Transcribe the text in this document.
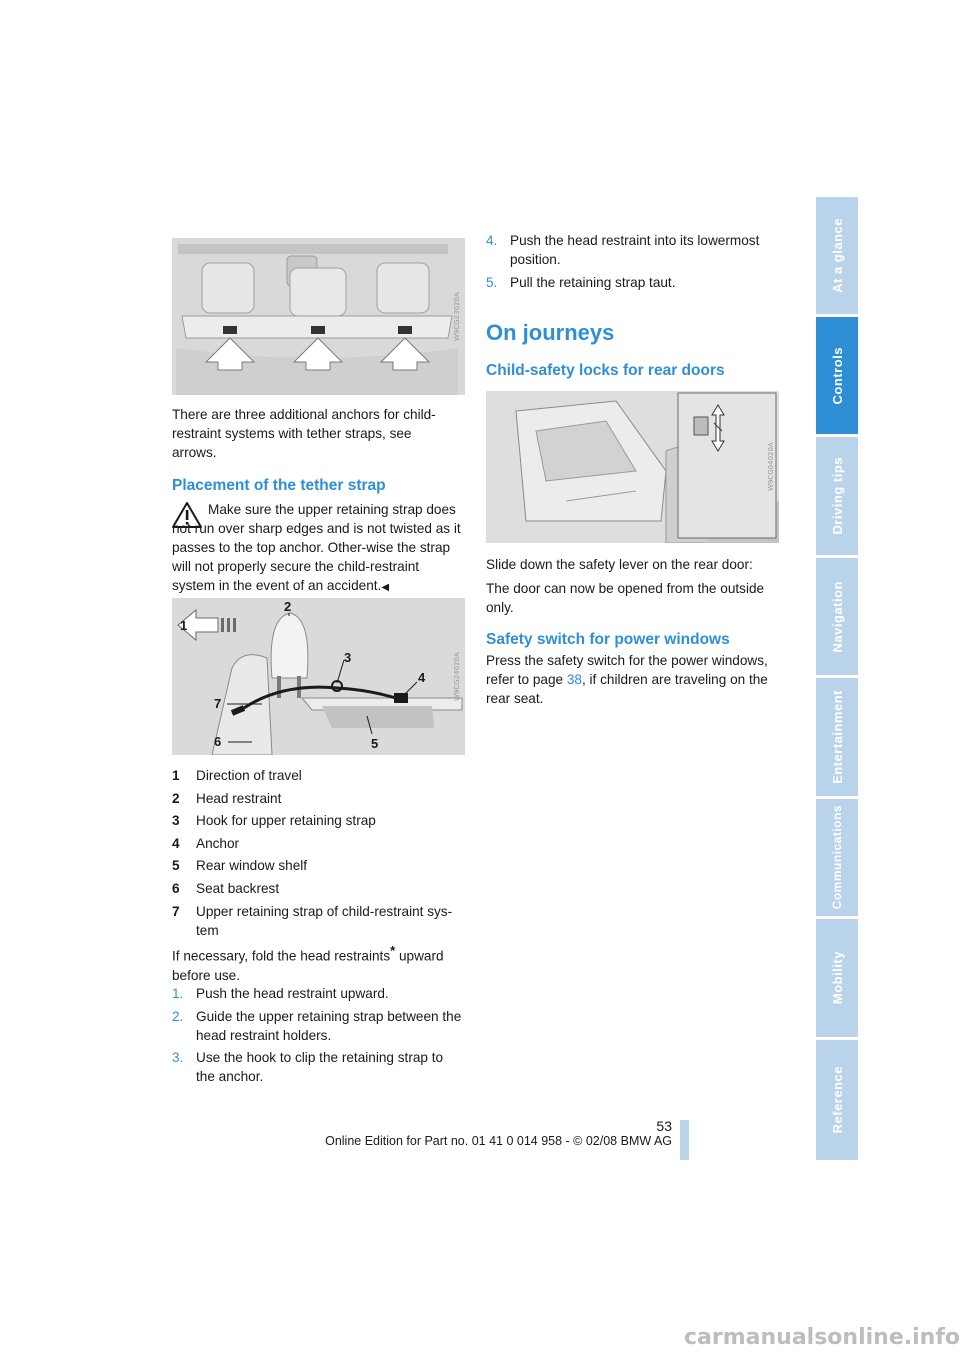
W9CG23020A
There are three additional anchors for child-restraint systems with tether straps, see arrows.
Placement of the tether strap
Make sure the upper retaining strap does not run over sharp edges and is not twisted as it passes to the top anchor. Other-wise the strap will not properly secure the child-restraint system in the event of an accident.◀
1
2
3
4
5
6
7
W9CG24020A
1 Direction of travel
2 Head restraint
3 Hook for upper retaining strap
4 Anchor
5 Rear window shelf
6 Seat backrest
7 Upper retaining strap of child-restraint sys-tem
If necessary, fold the head restraints* upward before use.
1. Push the head restraint upward.
2. Guide the upper retaining strap between the head restraint holders.
3. Use the hook to clip the retaining strap to the anchor.
4. Push the head restraint into its lowermost position.
5. Pull the retaining strap taut.
On journeys
Child-safety locks for rear doors
W9CG04020A
Slide down the safety lever on the rear door:
The door can now be opened from the outside only.
Safety switch for power windows
Press the safety switch for the power windows, refer to page 38, if children are traveling on the rear seat.
At a glance
Controls
Driving tips
Navigation
Entertainment
Communications
Mobility
Reference
53
Online Edition for Part no. 01 41 0 014 958 - © 02/08 BMW AG
carmanualsonline.info
